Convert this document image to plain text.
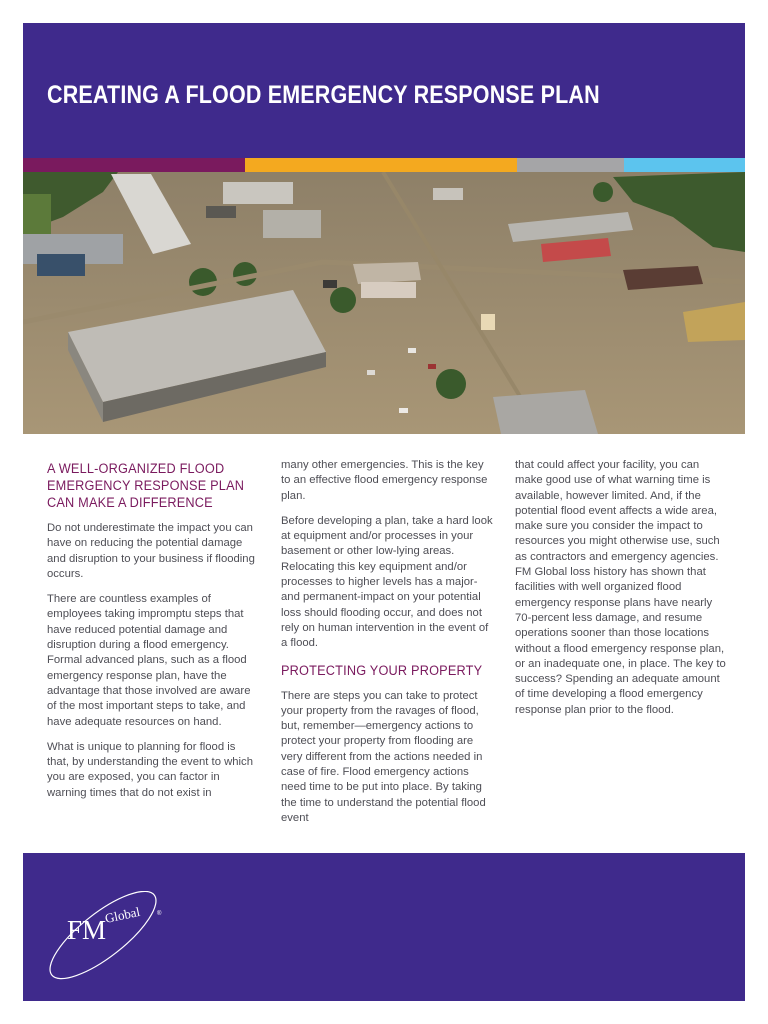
CREATING A FLOOD EMERGENCY RESPONSE PLAN
A WELL-ORGANIZED FLOOD EMERGENCY RESPONSE PLAN CAN MAKE A DIFFERENCE

Do not underestimate the impact you can have on reducing the potential damage and disruption to your business if flooding occurs.

There are countless examples of employees taking impromptu steps that have reduced potential damage and disruption during a flood emergency. Formal advanced plans, such as a flood emergency response plan, have the advantage that those involved are aware of the most important steps to take, and have adequate resources on hand.

What is unique to planning for flood is that, by understanding the event to which you are exposed, you can factor in warning times that do not exist in

many other emergencies. This is the key to an effective flood emergency response plan.

Before developing a plan, take a hard look at equipment and/or processes in your basement or other low-lying areas. Relocating this key equipment and/or processes to higher levels has a major-and permanent-impact on your potential loss should flooding occur, and does not rely on human intervention in the event of a flood.

PROTECTING YOUR PROPERTY

There are steps you can take to protect your property from the ravages of flood, but, remember—emergency actions to protect your property from flooding are very different from the actions needed in case of fire. Flood emergency actions need time to be put into place. By taking the time to understand the potential flood event

that could affect your facility, you can make good use of what warning time is available, however limited. And, if the potential flood event affects a wide area, make sure you consider the impact to resources you might otherwise use, such as contractors and emergency agencies. FM Global loss history has shown that facilities with well organized flood emergency response plans have nearly 70-percent less damage, and resume operations sooner than those locations without a flood emergency response plan, or an inadequate one, in place. The key to success? Spending an adequate amount of time developing a flood emergency response plan prior to the flood.

FM
Global	®
